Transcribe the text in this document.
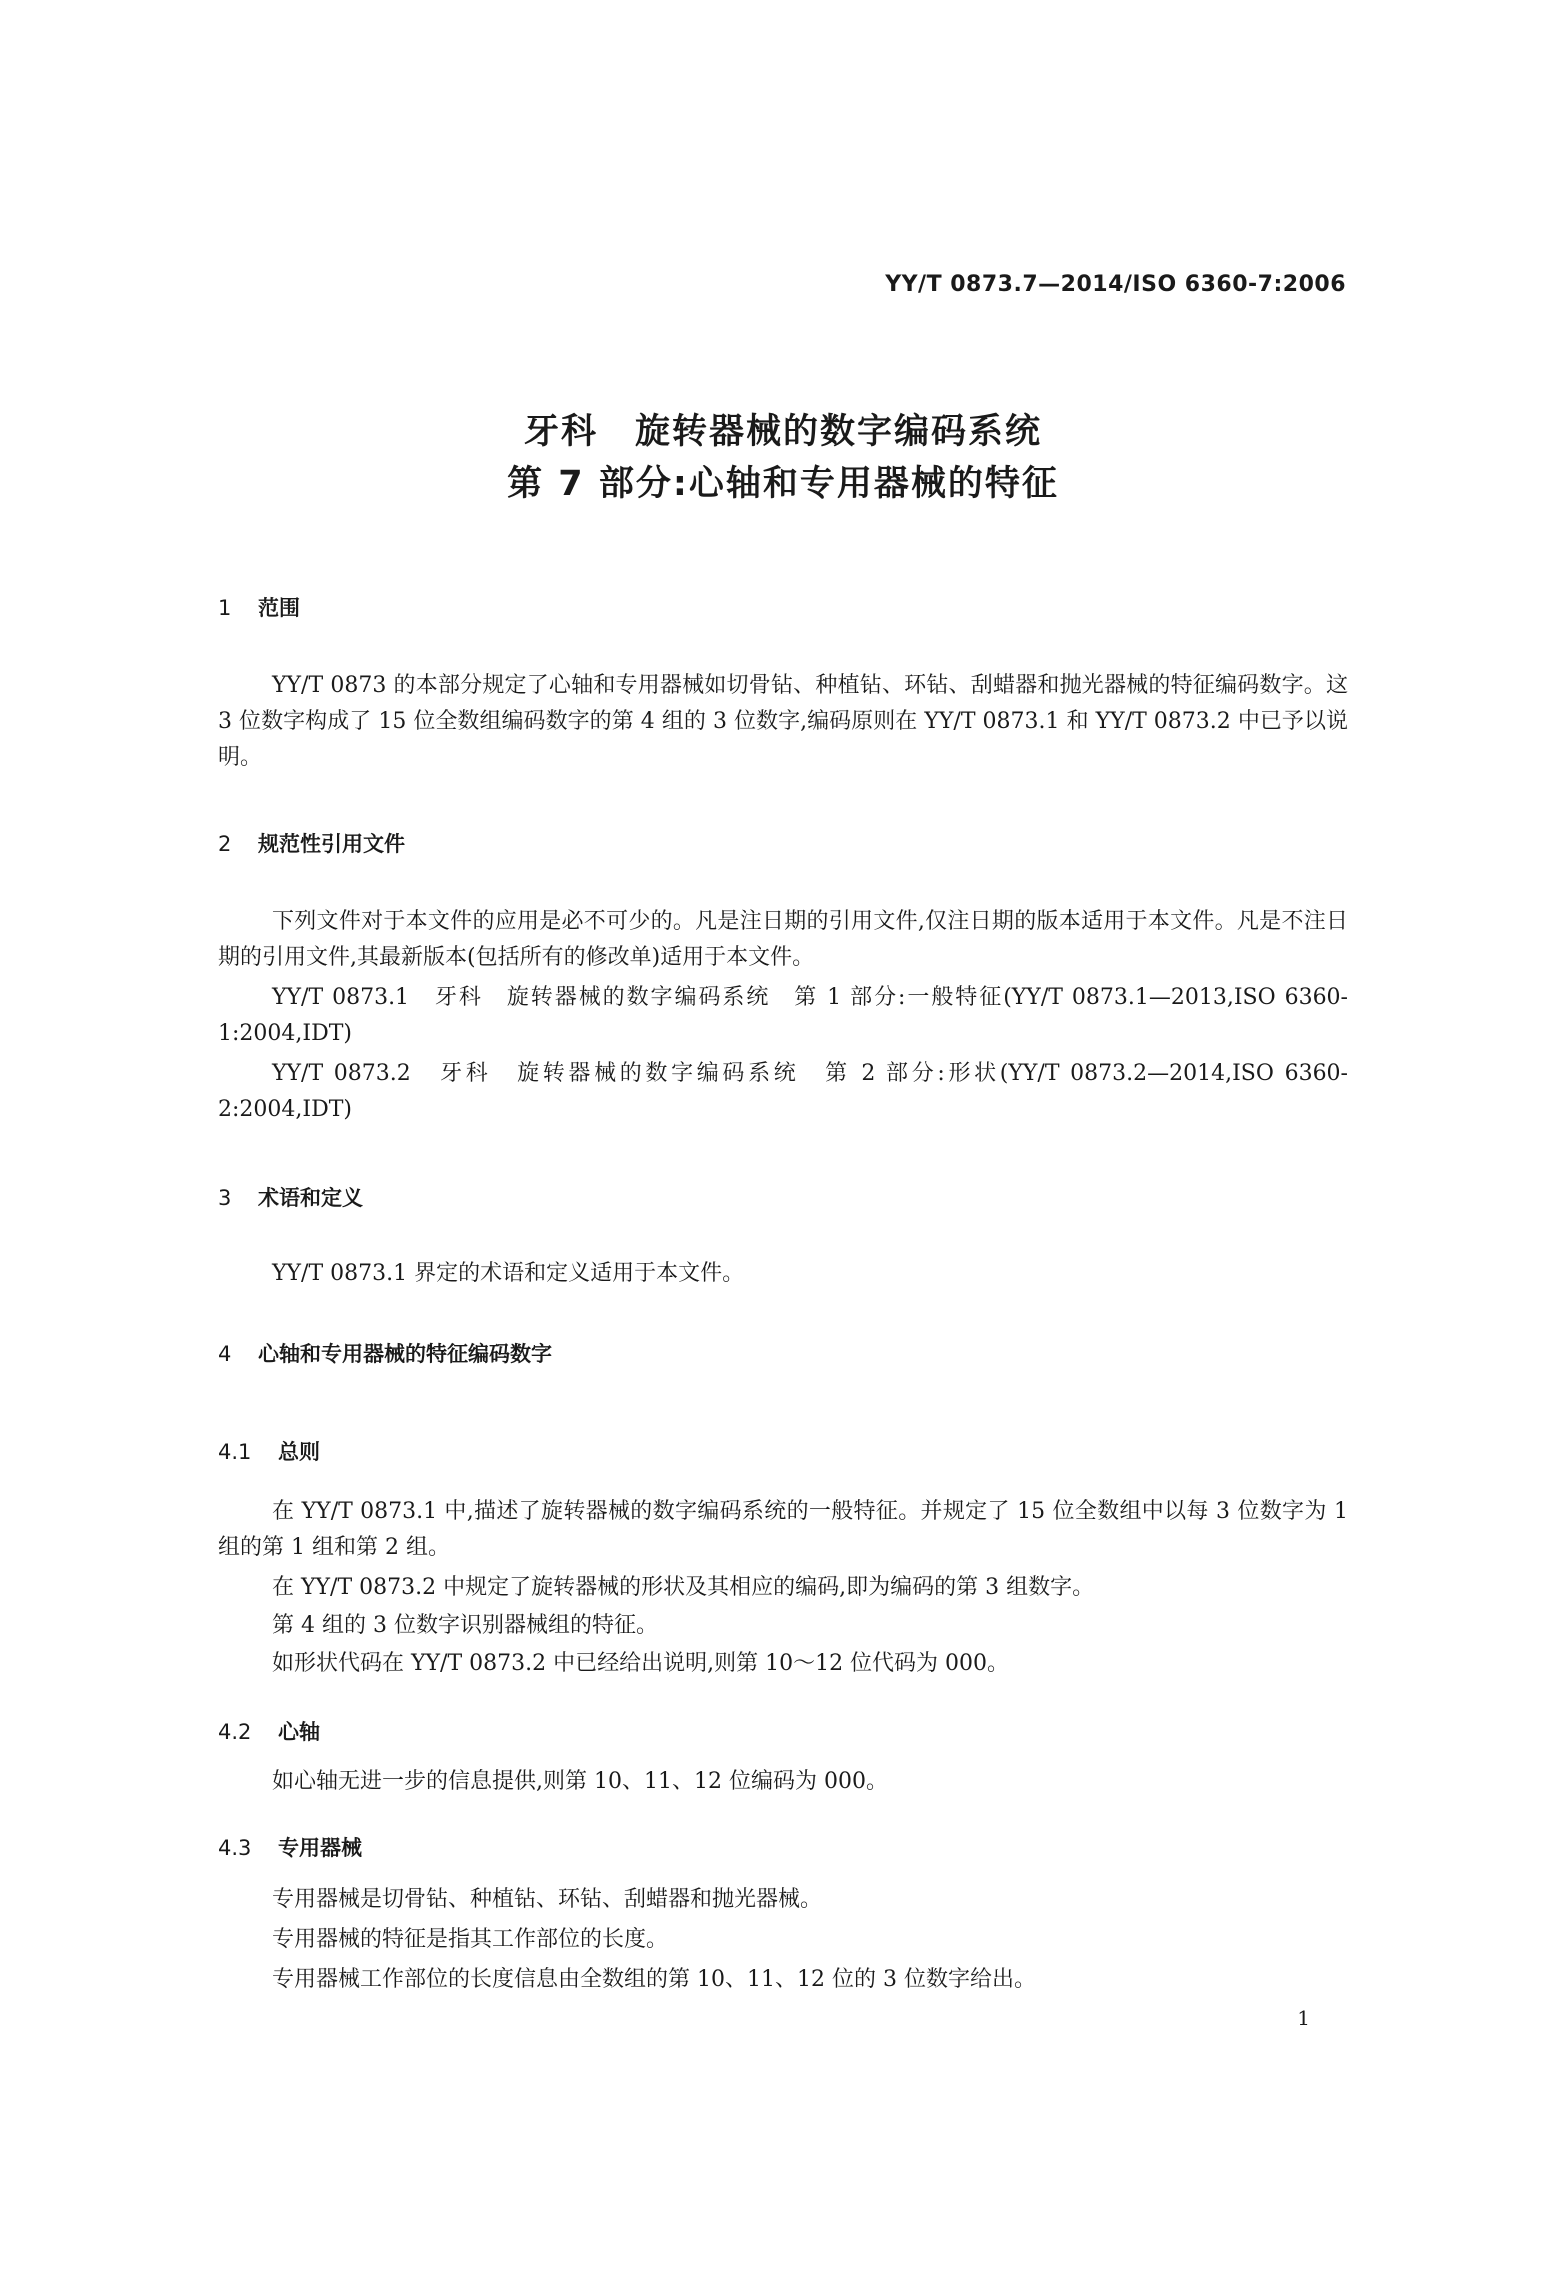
YY/T 0873.7—2014/ISO 6360-7:2006
牙科　旋转器械的数字编码系统
第 7 部分:心轴和专用器械的特征
1 范围

YY/T 0873 的本部分规定了心轴和专用器械如切骨钻、种植钻、环钻、刮蜡器和抛光器械的特征编码数字。这 3 位数字构成了 15 位全数组编码数字的第 4 组的 3 位数字,编码原则在 YY/T 0873.1 和 YY/T 0873.2 中已予以说明。

2 规范性引用文件

下列文件对于本文件的应用是必不可少的。凡是注日期的引用文件,仅注日期的版本适用于本文件。凡是不注日期的引用文件,其最新版本(包括所有的修改单)适用于本文件。

YY/T 0873.1　牙科　旋转器械的数字编码系统　第 1 部分:一般特征(YY/T 0873.1—2013,ISO 6360-1:2004,IDT)

YY/T 0873.2　牙科　旋转器械的数字编码系统　第 2 部分:形状(YY/T 0873.2—2014,ISO 6360-2:2004,IDT)

3 术语和定义

YY/T 0873.1 界定的术语和定义适用于本文件。

4 心轴和专用器械的特征编码数字
4.1 总则

在 YY/T 0873.1 中,描述了旋转器械的数字编码系统的一般特征。并规定了 15 位全数组中以每 3 位数字为 1 组的第 1 组和第 2 组。

在 YY/T 0873.2 中规定了旋转器械的形状及其相应的编码,即为编码的第 3 组数字。

第 4 组的 3 位数字识别器械组的特征。

如形状代码在 YY/T 0873.2 中已经给出说明,则第 10～12 位代码为 000。

4.2 心轴

如心轴无进一步的信息提供,则第 10、11、12 位编码为 000。

4.3 专用器械

专用器械是切骨钻、种植钻、环钻、刮蜡器和抛光器械。

专用器械的特征是指其工作部位的长度。

专用器械工作部位的长度信息由全数组的第 10、11、12 位的 3 位数字给出。

1
